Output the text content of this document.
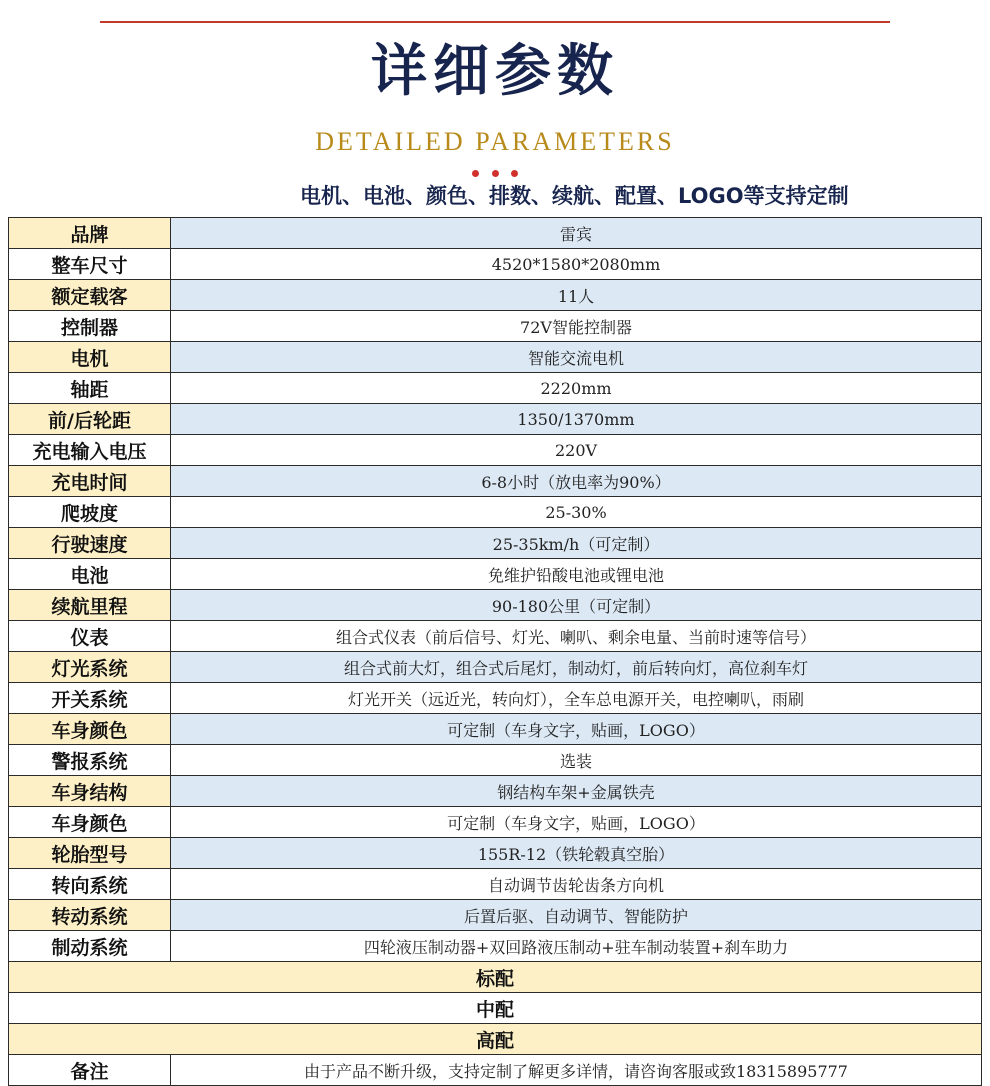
详细参数
DETAILED PARAMETERS
电机、电池、颜色、排数、续航、配置、LOGO等支持定制
品牌	雷宾
整车尺寸	4520*1580*2080mm
额定载客	11人
控制器	72V智能控制器
电机	智能交流电机
轴距	2220mm
前/后轮距	1350/1370mm
充电输入电压	220V
充电时间	6-8小时（放电率为90%）
爬坡度	25-30%
行驶速度	25-35km/h（可定制）
电池	免维护铅酸电池或锂电池
续航里程	90-180公里（可定制）
仪表	组合式仪表（前后信号、灯光、喇叭、剩余电量、当前时速等信号）
灯光系统	组合式前大灯，组合式后尾灯，制动灯，前后转向灯，高位刹车灯
开关系统	灯光开关（远近光，转向灯），全车总电源开关，电控喇叭，雨刷
车身颜色	可定制（车身文字，贴画，LOGO）
警报系统	选装
车身结构	钢结构车架+金属铁壳
车身颜色	可定制（车身文字，贴画，LOGO）
轮胎型号	155R-12（铁轮毂真空胎）
转向系统	自动调节齿轮齿条方向机
转动系统	后置后驱、自动调节、智能防护
制动系统	四轮液压制动器+双回路液压制动+驻车制动装置+刹车助力
标配	
中配	
高配	
备注	由于产品不断升级，支持定制了解更多详情，请咨询客服或致18315895777
